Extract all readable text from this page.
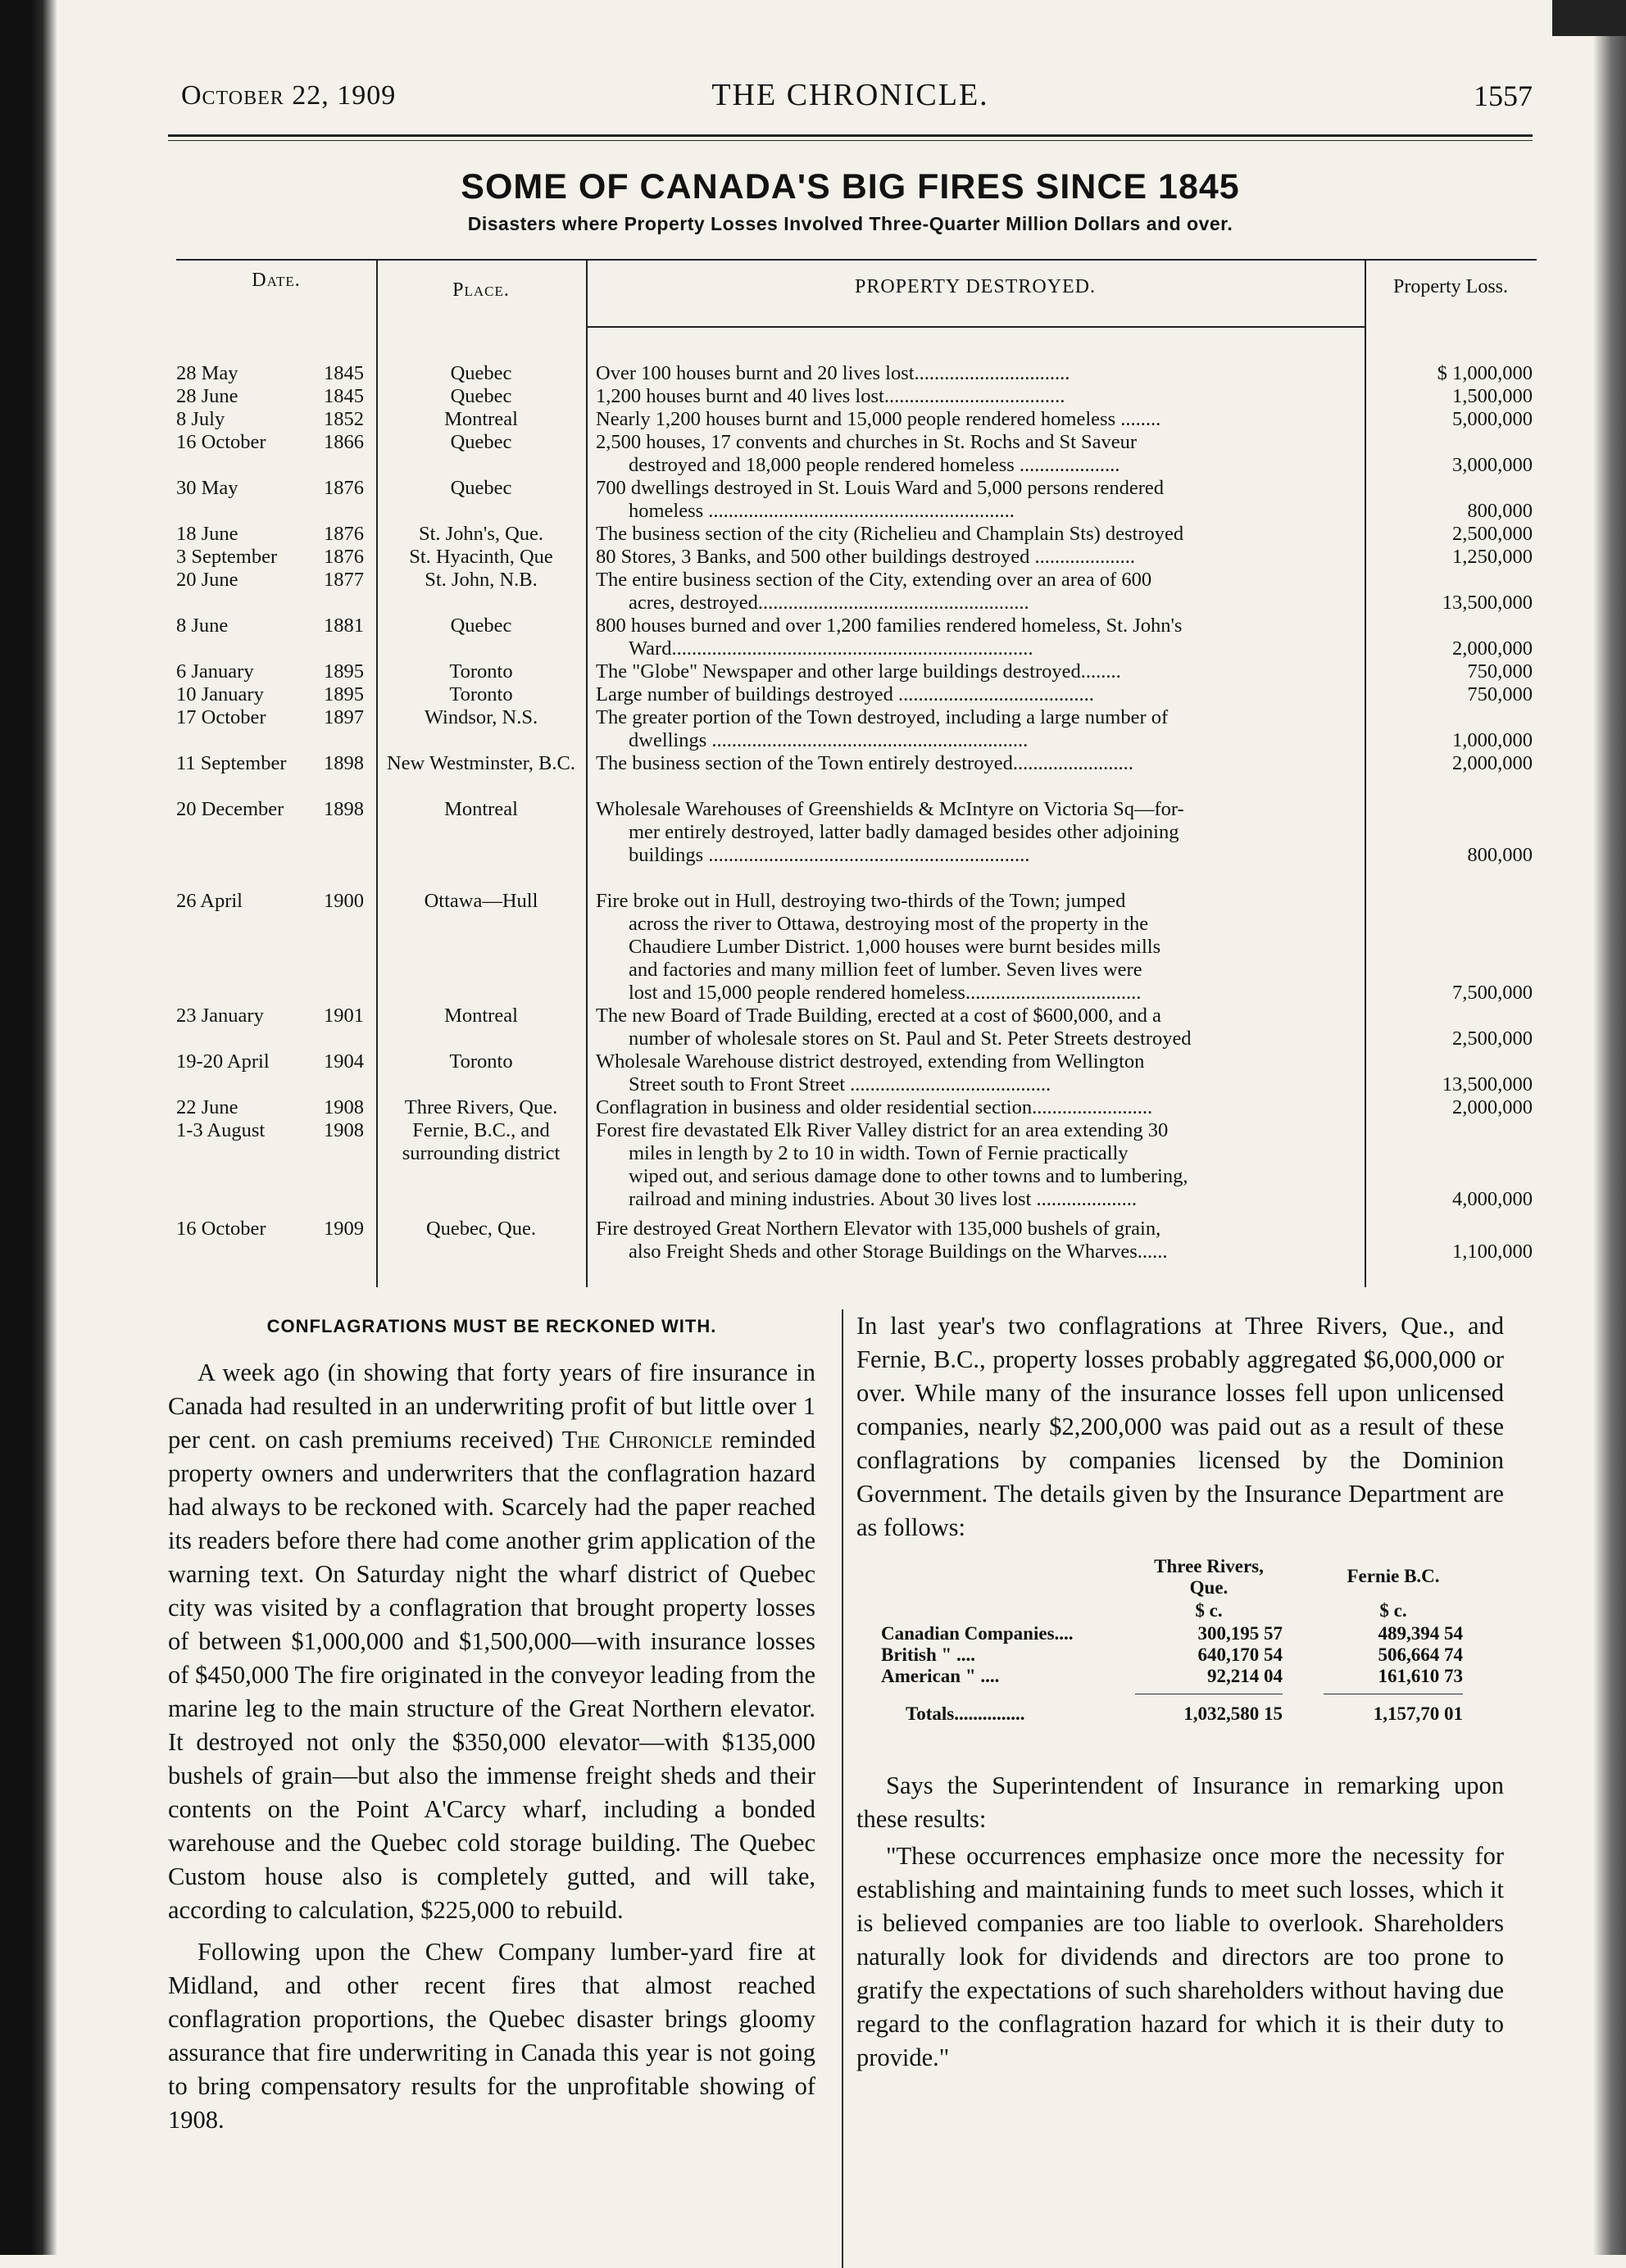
October 22, 1909	THE CHRONICLE.	1557
SOME OF CANADA'S BIG FIRES SINCE 1845
Disasters where Property Losses Involved Three-Quarter Million Dollars and over.
Date.	Place.	PROPERTY DESTROYED.	Property Loss.
28 May	1845	Quebec	Over 100 houses burnt and 20 lives lost...............................	$ 1,000,000
28 June	1845	Quebec	1,200 houses burnt and 40 lives lost....................................	1,500,000
8 July	1852	Montreal	Nearly 1,200 houses burnt and 15,000 people rendered homeless ........	5,000,000
16 October	1866	Quebec	2,500 houses, 17 convents and churches in St. Rochs and St Saveur
destroyed and 18,000 people rendered homeless ....................	3,000,000
30 May	1876	Quebec	700 dwellings destroyed in St. Louis Ward and 5,000 persons rendered
homeless .............................................................	800,000
18 June	1876	St. John's, Que.	The business section of the city (Richelieu and Champlain Sts) destroyed	2,500,000
3 September	1876	St. Hyacinth, Que	80 Stores, 3 Banks, and 500 other buildings destroyed ....................	1,250,000
20 June	1877	St. John, N.B.	The entire business section of the City, extending over an area of 600
acres, destroyed......................................................	13,500,000
8 June	1881	Quebec	800 houses burned and over 1,200 families rendered homeless, St. John's
Ward........................................................................	2,000,000
6 January	1895	Toronto	The "Globe" Newspaper and other large buildings destroyed........	750,000
10 January	1895	Toronto	Large number of buildings destroyed .......................................	750,000
17 October	1897	Windsor, N.S.	The greater portion of the Town destroyed, including a large number of
dwellings ...............................................................	1,000,000
11 September	1898	New Westminster, B.C. The business section of the Town entirely destroyed........................	2,000,000
20 December	1898	Montreal	Wholesale Warehouses of Greenshields & McIntyre on Victoria Sq—for-
mer entirely destroyed, latter badly damaged besides other adjoining
buildings ................................................................	800,000
26 April	1900	Ottawa—Hull	Fire broke out in Hull, destroying two-thirds of the Town; jumped
across the river to Ottawa, destroying most of the property in the
Chaudiere Lumber District. 1,000 houses were burnt besides mills
and factories and many million feet of lumber. Seven lives were
lost and 15,000 people rendered homeless...................................	7,500,000
23 January	1901	Montreal	The new Board of Trade Building, erected at a cost of $600,000, and a
number of wholesale stores on St. Paul and St. Peter Streets destroyed	2,500,000
19-20 April	1904	Toronto	Wholesale Warehouse district destroyed, extending from Wellington
Street south to Front Street ........................................	13,500,000
22 June	1908	Three Rivers, Que.	Conflagration in business and older residential section........................	2,000,000
1-3 August	1908	Fernie, B.C., and surrounding district
Forest fire devastated Elk River Valley district for an area extending 30
miles in length by 2 to 10 in width. Town of Fernie practically
wiped out, and serious damage done to other towns and to lumbering,
railroad and mining industries. About 30 lives lost ....................	4,000,000
16 October	1909	Quebec, Que.	Fire destroyed Great Northern Elevator with 135,000 bushels of grain,
also Freight Sheds and other Storage Buildings on the Wharves......	1,100,000
CONFLAGRATIONS MUST BE RECKONED WITH.

A week ago (in showing that forty years of fire insurance in Canada had resulted in an underwriting profit of but little over 1 per cent. on cash premiums received) The Chronicle reminded property owners and underwriters that the conflagration hazard had always to be reckoned with. Scarcely had the paper reached its readers before there had come another grim application of the warning text. On Saturday night the wharf district of Quebec city was visited by a conflagration that brought property losses of between $1,000,000 and $1,500,000—with insurance losses of $450,000 The fire originated in the conveyor leading from the marine leg to the main structure of the Great Northern elevator. It destroyed not only the $350,000 elevator—with $135,000 bushels of grain—but also the immense freight sheds and their contents on the Point A'Carcy wharf, including a bonded warehouse and the Quebec cold storage building. The Quebec Custom house also is completely gutted, and will take, according to calculation, $225,000 to rebuild.

Following upon the Chew Company lumber-yard fire at Midland, and other recent fires that almost reached conflagration proportions, the Quebec disaster brings gloomy assurance that fire underwriting in Canada this year is not going to bring compensatory results for the unprofitable showing of 1908.

In last year's two conflagrations at Three Rivers, Que., and Fernie, B.C., property losses probably aggregated $6,000,000 or over. While many of the insurance losses fell upon unlicensed companies, nearly $2,200,000 was paid out as a result of these conflagrations by companies licensed by the Dominion Government. The details given by the Insurance Department are as follows:

Three Rivers, Que.
Fernie B.C.
$ c.	$ c.
Canadian Companies....	300,195 57	489,394 54
British " ....	640,170 54	506,664 74
American " ....	92,214 04	161,610 73
Totals...............	1,032,580 15	1,157,70 01

Says the Superintendent of Insurance in remarking upon these results:

"These occurrences emphasize once more the necessity for establishing and maintaining funds to meet such losses, which it is believed companies are too liable to overlook. Shareholders naturally look for dividends and directors are too prone to gratify the expectations of such shareholders without having due regard to the conflagration hazard for which it is their duty to provide."
